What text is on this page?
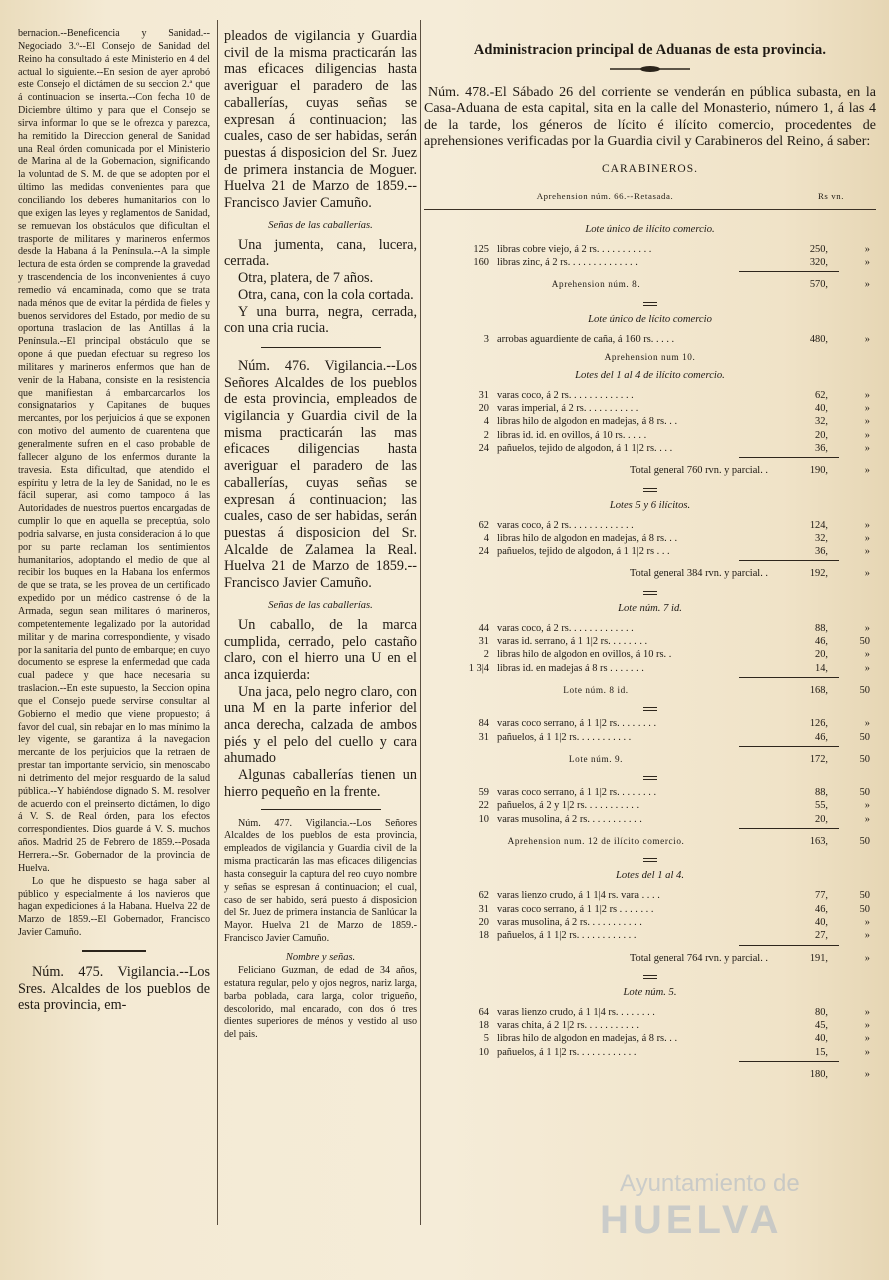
bernacion.--Beneficencia y Sanidad.--Negociado 3.º--El Consejo de Sanidad del Reino ha consultado á este Ministerio en 4 del actual lo siguiente.--En sesion de ayer aprobó este Consejo el dictámen de su seccion 2.ª que á continuacion se inserta.--Con fecha 10 de Diciembre último y para que el Consejo se sirva informar lo que se le ofrezca y parezca, ha remitido la Direccion general de Sanidad una Real órden comunicada por el Ministerio de Marina al de la Gobernacion, significando la voluntad de S. M. de que se adopten por el último las medidas convenientes para que conciliando los deberes humanitarios con lo que exigen las leyes y reglamentos de Sanidad, se remuevan los obstáculos que dificultan el trasporte de militares y marineros enfermos desde la Habana á la Península.--A la simple lectura de esta órden se comprende la gravedad y trascendencia de los inconvenientes á cuyo remedio vá encaminada, como que se trata nada ménos que de evitar la pérdida de fieles y buenos servidores del Estado, por medio de su oportuna traslacion de las Antillas á la Península.--El principal obstáculo que se opone á que puedan efectuar su regreso los militares y marineros enfermos que han de venir de la Habana, consiste en la resistencia que manifiestan á embarcarcarlos los consignatarios y Capitanes de buques mercantes, por los perjuicios á que se exponen con motivo del aumento de cuarentena que generalmente sufren en el caso probable de fallecer alguno de los enfermos durante la travesia. Esta dificultad, que atendido el espíritu y letra de la ley de Sanidad, no le es fácil superar, asi como tampoco á las Autoridades de nuestros puertos encargadas de cumplir lo que en aquella se preceptúa, solo podria salvarse, en justa consideracion á lo que por su parte reclaman los sentimientos humanitarios, adoptando el medio de que al recibir los buques en la Habana los enfermos de que se trata, se les provea de un certificado expedido por un médico castrense ó de la Armada, segun sean militares ó marineros, competentemente legalizado por la autoridad militar y de marina correspondiente, y visado por la sanitaria del punto de embarque; en cuyo documento se esprese la enfermedad que cada cual padece y que hace necesaria su traslacion.--En este supuesto, la Seccion opina que el Consejo puede servirse consultar al Gobierno el medio que viene propuesto; á favor del cual, sin rebajar en lo mas mínimo la ley vigente, se garantiza á la navegacion mercante de los perjuicios que la retraen de prestar tan importante servicio, sin menoscabo ni detrimento del mejor resguardo de la salud pública.--Y habiéndose dignado S. M. resolver de acuerdo con el preinserto dictámen, lo digo á V. S. de Real órden, para los efectos correspondientes. Dios guarde á V. S. muchos años. Madrid 25 de Febrero de 1859.--Posada Herrera.--Sr. Gobernador de la provincia de Huelva.

Lo que he dispuesto se haga saber al público y especialmente á los navieros que hagan expediciones á la Habana. Huelva 22 de Marzo de 1859.--El Gobernador, Francisco Javier Camuño.

Núm. 475. Vigilancia.--Los Sres. Alcaldes de los pueblos de esta provincia, em-

pleados de vigilancia y Guardia civil de la misma practicarán las mas eficaces diligencias hasta averiguar el paradero de las caballerías, cuyas señas se expresan á continuacion; las cuales, caso de ser habidas, serán puestas á disposicion del Sr. Juez de primera instancia de Moguer. Huelva 21 de Marzo de 1859.--Francisco Javier Camuño.

Señas de las caballerías.

Una jumenta, cana, lucera, cerrada.

Otra, platera, de 7 años.

Otra, cana, con la cola cortada.

Y una burra, negra, cerrada, con una cria rucia.

Núm. 476. Vigilancia.--Los Señores Alcaldes de los pueblos de esta provincia, empleados de vigilancia y Guardia civil de la misma practicarán las mas eficaces diligencias hasta averiguar el paradero de las caballerías, cuyas señas se expresan á continuacion; las cuales, caso de ser habidas, serán puestas á disposicion del Sr. Alcalde de Zalamea la Real. Huelva 21 de Marzo de 1859.--Francisco Javier Camuño.

Señas de las caballerías.

Un caballo, de la marca cumplida, cerrado, pelo castaño claro, con el hierro una U en el anca izquierda:

Una jaca, pelo negro claro, con una M en la parte inferior del anca derecha, calzada de ambos piés y el pelo del cuello y cara ahumado

Algunas caballerías tienen un hierro pequeño en la frente.

Núm. 477. Vigilancia.--Los Señores Alcaldes de los pueblos de esta provincia, empleados de vigilancia y Guardia civil de la misma practicarán las mas eficaces diligencias hasta conseguir la captura del reo cuyo nombre y señas se espresan á continuacion; el cual, caso de ser habido, será puesto á disposicion del Sr. Juez de primera instancia de Sanlúcar la Mayor. Huelva 21 de Marzo de 1859.-Francisco Javier Camuño.

Nombre y señas.

Feliciano Guzman, de edad de 34 años, estatura regular, pelo y ojos negros, nariz larga, barba poblada, cara larga, color trigueño, descolorido, mal encarado, con dos ó tres dientes superiores de ménos y vestido al uso del pais.

Administracion principal de Aduanas de esta provincia.

Núm. 478.-El Sábado 26 del corriente se venderán en pública subasta, en la Casa-Aduana de esta capital, sita en la calle del Monasterio, número 1, á las 4 de la tarde, los géneros de lícito é ilícito comercio, procedentes de aprehensiones verificadas por la Guardia civil y Carabineros del Reino, á saber:

CARABINEROS.
Aprehension núm. 66.--Retasada.	Rs vn.
Lote único de ilícito comercio.
125 libras cobre viejo, á 2 rs. . . . . . . . . . .	250,	»
160 libras zinc, á 2 rs. . . . . . . . . . . . . .	320,	»
Aprehension núm. 8.	570,	»
Lote único de lícito comercio
3 arrobas aguardiente de caña, á 160 rs. . . . .	480,	»
Aprehension num 10.
Lotes del 1 al 4 de ilícito comercio.
31 varas coco, á 2 rs. . . . . . . . . . . . .	62,	»
20 varas imperial, á 2 rs. . . . . . . . . . .	40,	»
4 libras hilo de algodon en madejas, á 8 rs. . .	32,	»
2 libras id. id. en ovillos, á 10 rs. . . . .	20,	»
24 pañuelos, tejido de algodon, á 1 1|2 rs. . . .	36,	»
Total general 760 rvn. y parcial. .	190,	»
Lotes 5 y 6 ilícitos.
62 varas coco, á 2 rs. . . . . . . . . . . . .	124,	»
4 libras hilo de algodon en madejas, á 8 rs. . .	32,	»
24 pañuelos, tejido de algodon, á 1 1|2 rs . . .	36,	»
Total general 384 rvn. y parcial. .	192,	»
Lote núm. 7 id.
44 varas coco, á 2 rs. . . . . . . . . . . . .	88,	»
31 varas id. serrano, á 1 1|2 rs. . . . . . . .	46,	50
2 libras hilo de algodon en ovillos, á 10 rs. .	20,	»
1 3|4 libras id. en madejas á 8 rs . . . . . . .	14,	»
Lote núm. 8 id.	168,	50
84 varas coco serrano, á 1 1|2 rs. . . . . . . .	126,	»
31 pañuelos, á 1 1|2 rs. . . . . . . . . . .	46,	50
Lote núm. 9.	172,	50
59 varas coco serrano, á 1 1|2 rs. . . . . . . .	88,	50
22 pañuelos, á 2 y 1|2 rs. . . . . . . . . . .	55,	»
10 varas musolina, á 2 rs. . . . . . . . . . .	20,	»
Aprehension num. 12 de ilícito comercio.	163,	50
Lotes del 1 al 4.
62 varas lienzo crudo, á 1 1|4 rs. vara . . . .	77,	50
31 varas coco serrano, á 1 1|2 rs . . . . . . .	46,	50
20 varas musolina, á 2 rs. . . . . . . . . . .	40,	»
18 pañuelos, á 1 1|2 rs. . . . . . . . . . . .	27,	»
Total general 764 rvn. y parcial. .	191,	»
Lote núm. 5.
64 varas lienzo crudo, á 1 1|4 rs. . . . . . . .	80,	»
18 varas chita, á 2 1|2 rs. . . . . . . . . . .	45,	»
5 libras hilo de algodon en madejas, á 8 rs. . .	40,	»
10 pañuelos, á 1 1|2 rs. . . . . . . . . . . .	15,	»
180,	»
Ayuntamiento de
HUELVA
